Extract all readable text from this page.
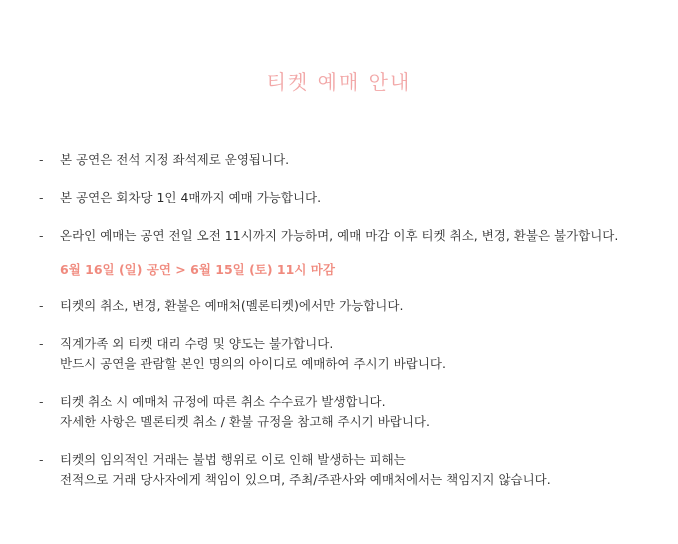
티켓 예매 안내
- 본 공연은 전석 지정 좌석제로 운영됩니다.
- 본 공연은 회차당 1인 4매까지 예매 가능합니다.
- 온라인 예매는 공연 전일 오전 11시까지 가능하며, 예매 마감 이후 티켓 취소, 변경, 환불은 불가합니다.
6월 16일 (일) 공연 > 6월 15일 (토) 11시 마감
- 티켓의 취소, 변경, 환불은 예매처(멜론티켓)에서만 가능합니다.
- 직계가족 외 티켓 대리 수령 및 양도는 불가합니다.
반드시 공연을 관람할 본인 명의의 아이디로 예매하여 주시기 바랍니다.
- 티켓 취소 시 예매처 규정에 따른 취소 수수료가 발생합니다.
자세한 사항은 멜론티켓 취소 / 환불 규정을 참고해 주시기 바랍니다.
- 티켓의 임의적인 거래는 불법 행위로 이로 인해 발생하는 피해는
전적으로 거래 당사자에게 책임이 있으며, 주최/주관사와 예매처에서는 책임지지 않습니다.
